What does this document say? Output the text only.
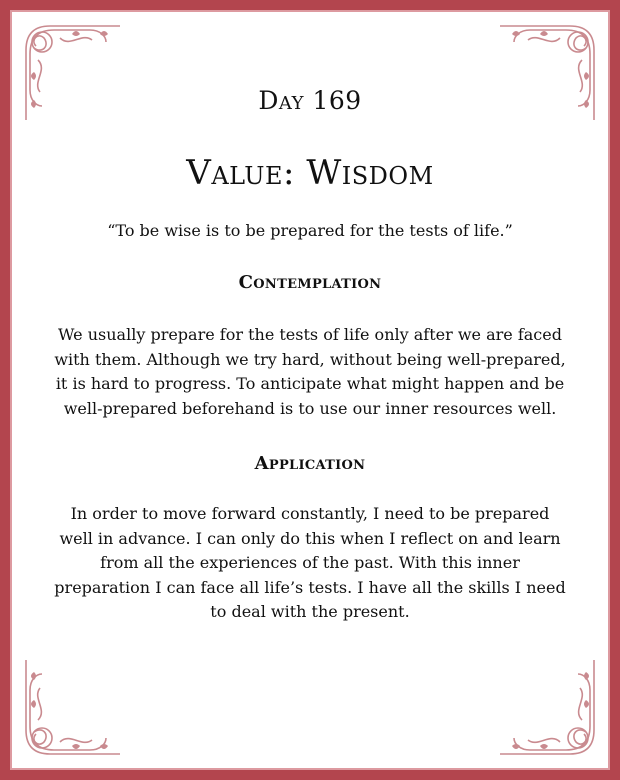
Day 169
Value: Wisdom
“To be wise is to be prepared for the tests of life.”
Contemplation
We usually prepare for the tests of life only after we are faced with them. Although we try hard, without being well-prepared, it is hard to progress. To anticipate what might happen and be well-prepared beforehand is to use our inner resources well.
Application
In order to move forward constantly, I need to be prepared well in advance. I can only do this when I reflect on and learn from all the experiences of the past. With this inner preparation I can face all life’s tests. I have all the skills I need to deal with the present.
